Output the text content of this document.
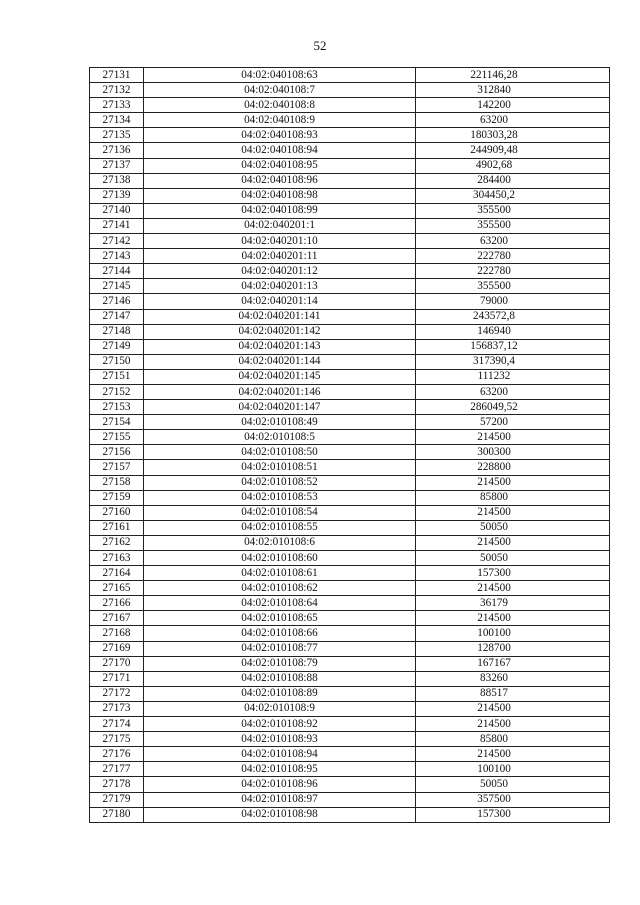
52
27131	04:02:040108:63	221146,28
27132	04:02:040108:7	312840
27133	04:02:040108:8	142200
27134	04:02:040108:9	63200
27135	04:02:040108:93	180303,28
27136	04:02:040108:94	244909,48
27137	04:02:040108:95	4902,68
27138	04:02:040108:96	284400
27139	04:02:040108:98	304450,2
27140	04:02:040108:99	355500
27141	04:02:040201:1	355500
27142	04:02:040201:10	63200
27143	04:02:040201:11	222780
27144	04:02:040201:12	222780
27145	04:02:040201:13	355500
27146	04:02:040201:14	79000
27147	04:02:040201:141	243572,8
27148	04:02:040201:142	146940
27149	04:02:040201:143	156837,12
27150	04:02:040201:144	317390,4
27151	04:02:040201:145	111232
27152	04:02:040201:146	63200
27153	04:02:040201:147	286049,52
27154	04:02:010108:49	57200
27155	04:02:010108:5	214500
27156	04:02:010108:50	300300
27157	04:02:010108:51	228800
27158	04:02:010108:52	214500
27159	04:02:010108:53	85800
27160	04:02:010108:54	214500
27161	04:02:010108:55	50050
27162	04:02:010108:6	214500
27163	04:02:010108:60	50050
27164	04:02:010108:61	157300
27165	04:02:010108:62	214500
27166	04:02:010108:64	36179
27167	04:02:010108:65	214500
27168	04:02:010108:66	100100
27169	04:02:010108:77	128700
27170	04:02:010108:79	167167
27171	04:02:010108:88	83260
27172	04:02:010108:89	88517
27173	04:02:010108:9	214500
27174	04:02:010108:92	214500
27175	04:02:010108:93	85800
27176	04:02:010108:94	214500
27177	04:02:010108:95	100100
27178	04:02:010108:96	50050
27179	04:02:010108:97	357500
27180	04:02:010108:98	157300
